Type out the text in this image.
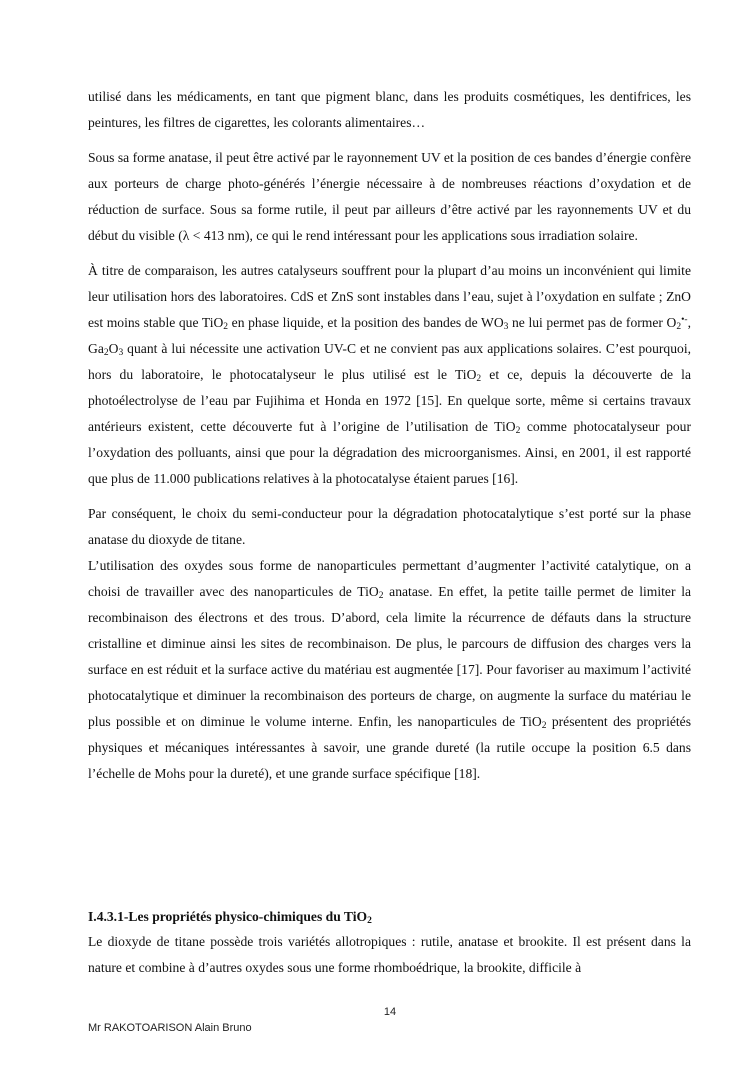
utilisé dans les médicaments, en tant que pigment blanc, dans les produits cosmétiques, les dentifrices, les peintures, les filtres de cigarettes, les colorants alimentaires…

Sous sa forme anatase, il peut être activé par le rayonnement UV et la position de ces bandes d’énergie confère aux porteurs de charge photo-générés l’énergie nécessaire à de nombreuses réactions d’oxydation et de réduction de surface. Sous sa forme rutile, il peut par ailleurs d’être activé par les rayonnements UV et du début du visible (λ < 413 nm), ce qui le rend intéressant pour les applications sous irradiation solaire.

À titre de comparaison, les autres catalyseurs souffrent pour la plupart d’au moins un inconvénient qui limite leur utilisation hors des laboratoires. CdS et ZnS sont instables dans l’eau, sujet à l’oxydation en sulfate ; ZnO est moins stable que TiO$_2$ en phase liquide, et la position des bandes de $WO_3$ ne lui permet pas de former $O_2^{•-}$, $Ga_2O_3$ quant à lui nécessite une activation UV-C et ne convient pas aux applications solaires. C’est pourquoi, hors du laboratoire, le photocatalyseur le plus utilisé est le TiO$_2$ et ce, depuis la découverte de la photoélectrolyse de l’eau par Fujihima et Honda en 1972 [15]. En quelque sorte, même si certains travaux antérieurs existent, cette découverte fut à l’origine de l’utilisation de TiO$_2$ comme photocatalyseur pour l’oxydation des polluants, ainsi que pour la dégradation des microorganismes. Ainsi, en 2001, il est rapporté que plus de 11.000 publications relatives à la photocatalyse étaient parues [16].

Par conséquent, le choix du semi-conducteur pour la dégradation photocatalytique s’est porté sur la phase anatase du dioxyde de titane.

L’utilisation des oxydes sous forme de nanoparticules permettant d’augmenter l’activité catalytique, on a choisi de travailler avec des nanoparticules de TiO$_2$ anatase. En effet, la petite taille permet de limiter la recombinaison des électrons et des trous. D’abord, cela limite la récurrence de défauts dans la structure cristalline et diminue ainsi les sites de recombinaison. De plus, le parcours de diffusion des charges vers la surface en est réduit et la surface active du matériau est augmentée [17]. Pour favoriser au maximum l’activité photocatalytique et diminuer la recombinaison des porteurs de charge, on augmente la surface du matériau le plus possible et on diminue le volume interne. Enfin, les nanoparticules de TiO$_2$ présentent des propriétés physiques et mécaniques intéressantes à savoir, une grande dureté (la rutile occupe la position 6.5 dans l’échelle de Mohs pour la dureté), et une grande surface spécifique [18].

I.4.3.1-Les propriétés physico-chimiques du TiO$_2$

Le dioxyde de titane possède trois variétés allotropiques : rutile, anatase et brookite. Il est présent dans la nature et combine à d’autres oxydes sous une forme rhomboédrique, la brookite, difficile à

14
Mr RAKOTOARISON Alain Bruno
